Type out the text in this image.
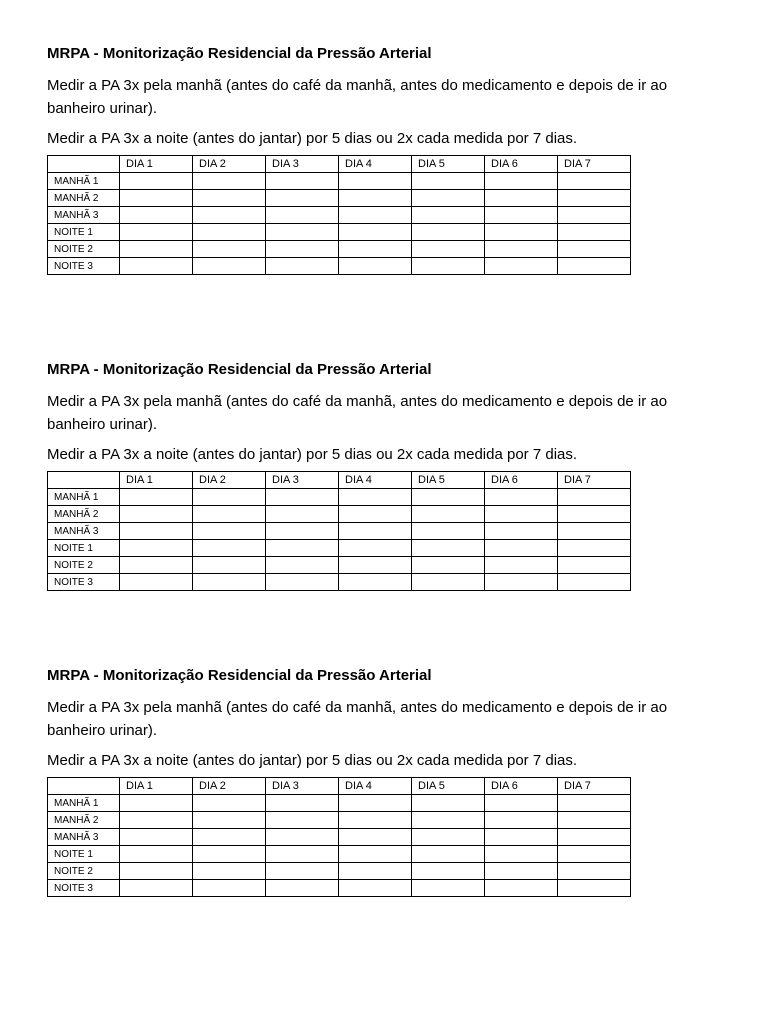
MRPA - Monitorização Residencial da Pressão Arterial

Medir a PA 3x pela manhã (antes do café da manhã, antes do medicamento e depois de ir ao banheiro urinar).

Medir a PA 3x a noite (antes do jantar) por 5 dias ou 2x cada medida por 7 dias.

	DIA 1	DIA 2	DIA 3	DIA 4	DIA 5	DIA 6	DIA 7
MANHÃ 1							
MANHÃ 2							
MANHÃ 3							
NOITE 1							
NOITE 2							
NOITE 3							

MRPA - Monitorização Residencial da Pressão Arterial

Medir a PA 3x pela manhã (antes do café da manhã, antes do medicamento e depois de ir ao banheiro urinar).

Medir a PA 3x a noite (antes do jantar) por 5 dias ou 2x cada medida por 7 dias.

	DIA 1	DIA 2	DIA 3	DIA 4	DIA 5	DIA 6	DIA 7
MANHÃ 1							
MANHÃ 2							
MANHÃ 3							
NOITE 1							
NOITE 2							
NOITE 3							

MRPA - Monitorização Residencial da Pressão Arterial

Medir a PA 3x pela manhã (antes do café da manhã, antes do medicamento e depois de ir ao banheiro urinar).

Medir a PA 3x a noite (antes do jantar) por 5 dias ou 2x cada medida por 7 dias.

	DIA 1	DIA 2	DIA 3	DIA 4	DIA 5	DIA 6	DIA 7
MANHÃ 1							
MANHÃ 2							
MANHÃ 3							
NOITE 1							
NOITE 2							
NOITE 3							
